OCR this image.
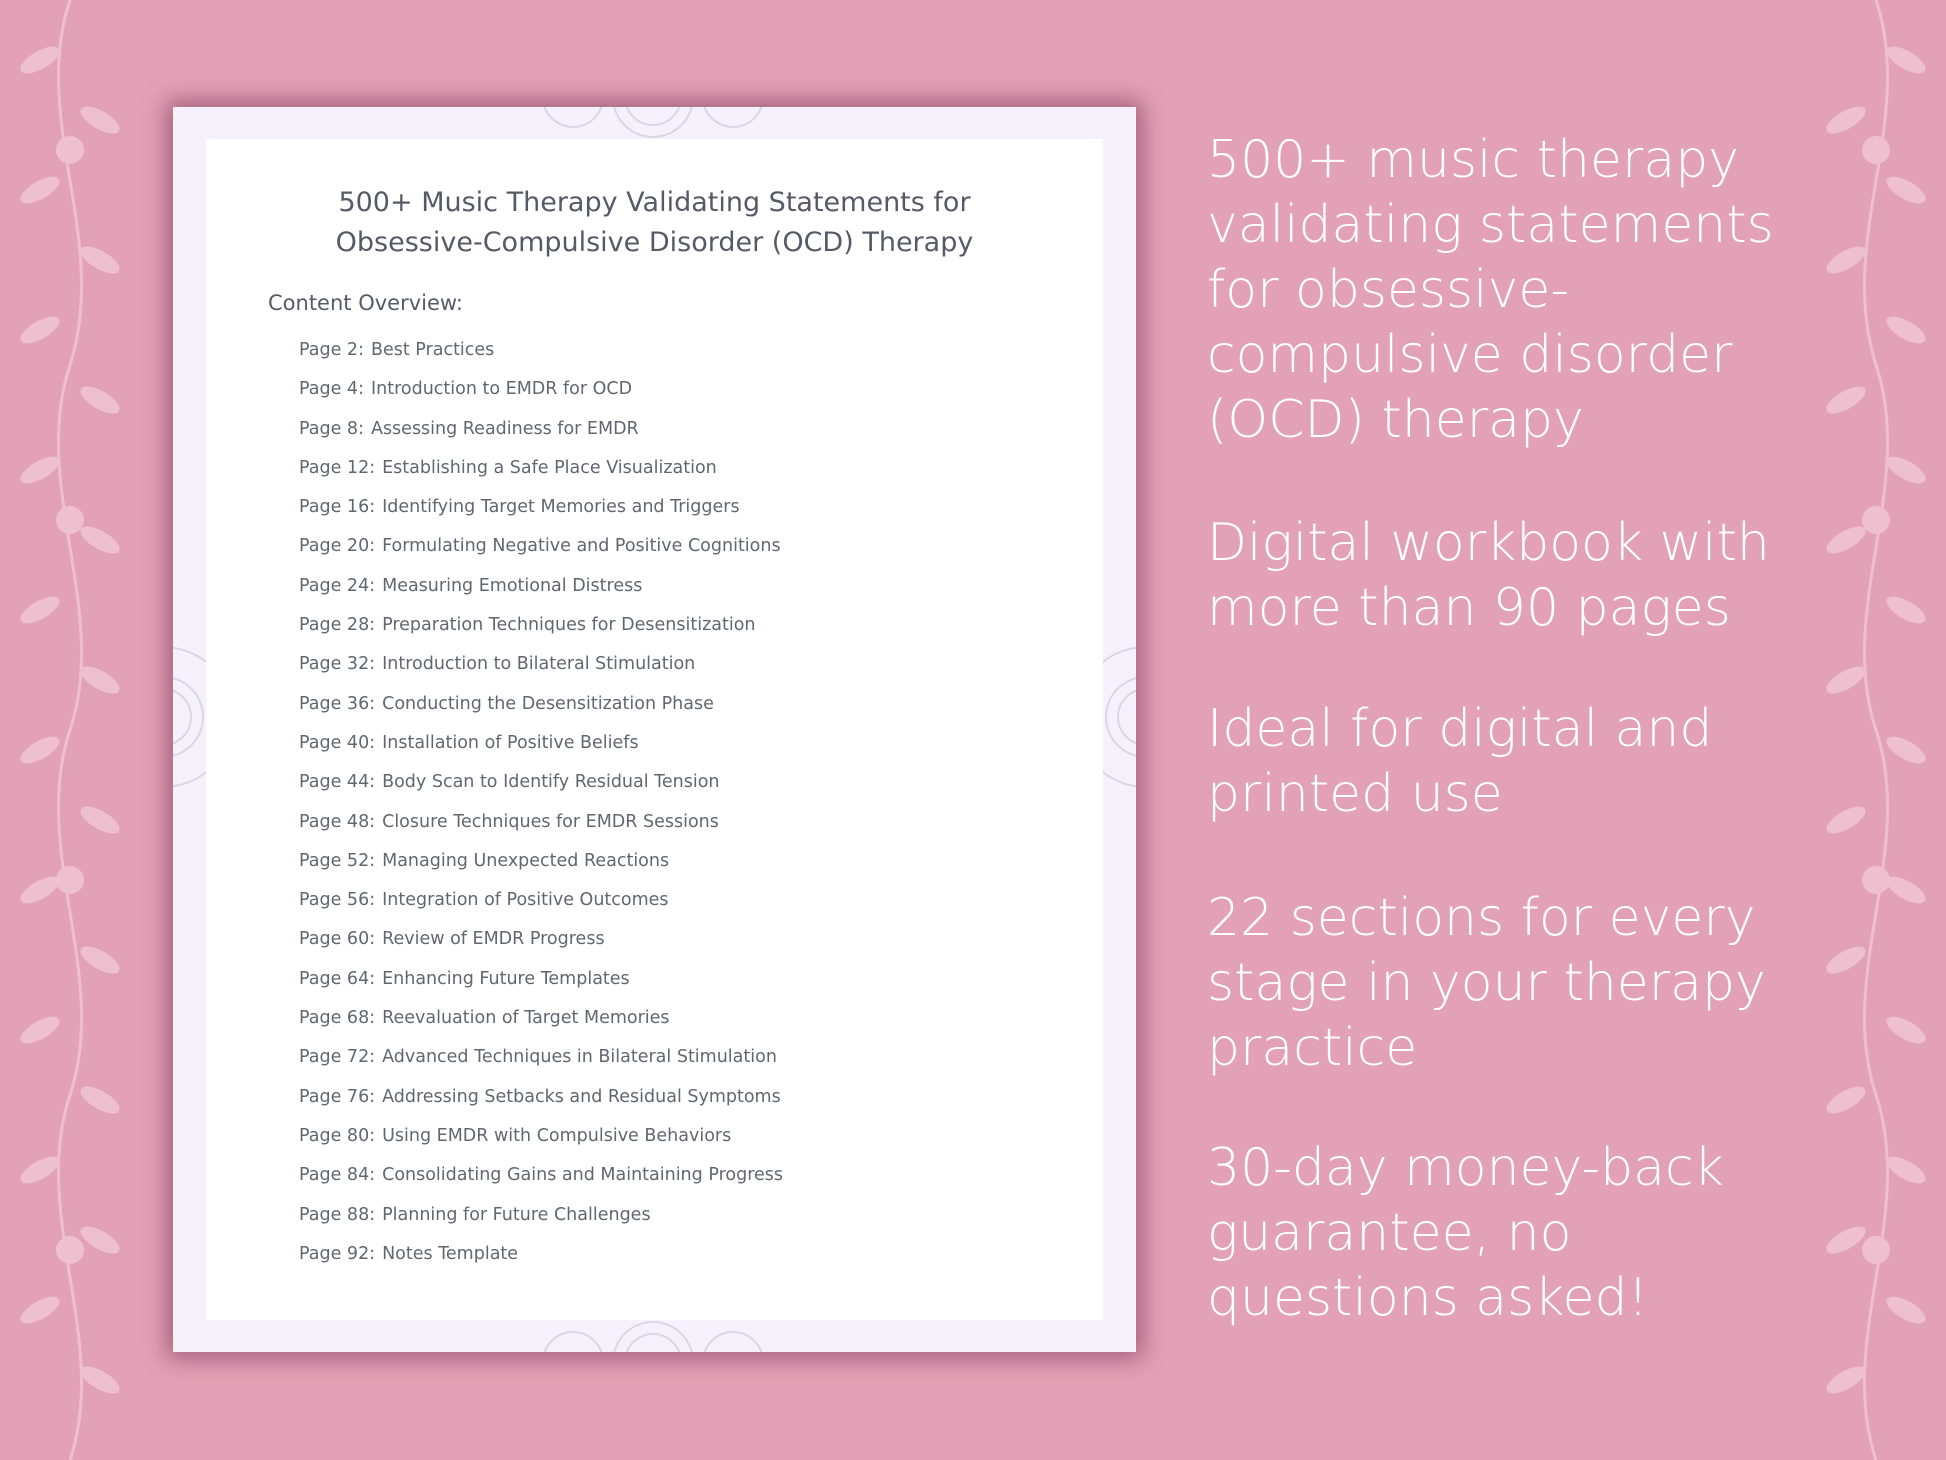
500+ Music Therapy Validating Statements for
Obsessive-Compulsive Disorder (OCD) Therapy
Content Overview:
Page 2: Best Practices
Page 4: Introduction to EMDR for OCD
Page 8: Assessing Readiness for EMDR
Page 12: Establishing a Safe Place Visualization
Page 16: Identifying Target Memories and Triggers
Page 20: Formulating Negative and Positive Cognitions
Page 24: Measuring Emotional Distress
Page 28: Preparation Techniques for Desensitization
Page 32: Introduction to Bilateral Stimulation
Page 36: Conducting the Desensitization Phase
Page 40: Installation of Positive Beliefs
Page 44: Body Scan to Identify Residual Tension
Page 48: Closure Techniques for EMDR Sessions
Page 52: Managing Unexpected Reactions
Page 56: Integration of Positive Outcomes
Page 60: Review of EMDR Progress
Page 64: Enhancing Future Templates
Page 68: Reevaluation of Target Memories
Page 72: Advanced Techniques in Bilateral Stimulation
Page 76: Addressing Setbacks and Residual Symptoms
Page 80: Using EMDR with Compulsive Behaviors
Page 84: Consolidating Gains and Maintaining Progress
Page 88: Planning for Future Challenges
Page 92: Notes Template

500+ music therapy

validating statements

for obsessive-

compulsive disorder

(OCD) therapy

Digital workbook with

more than 90 pages

Ideal for digital and

printed use

22 sections for every

stage in your therapy

practice

30-day money-back

guarantee, no

questions asked!
